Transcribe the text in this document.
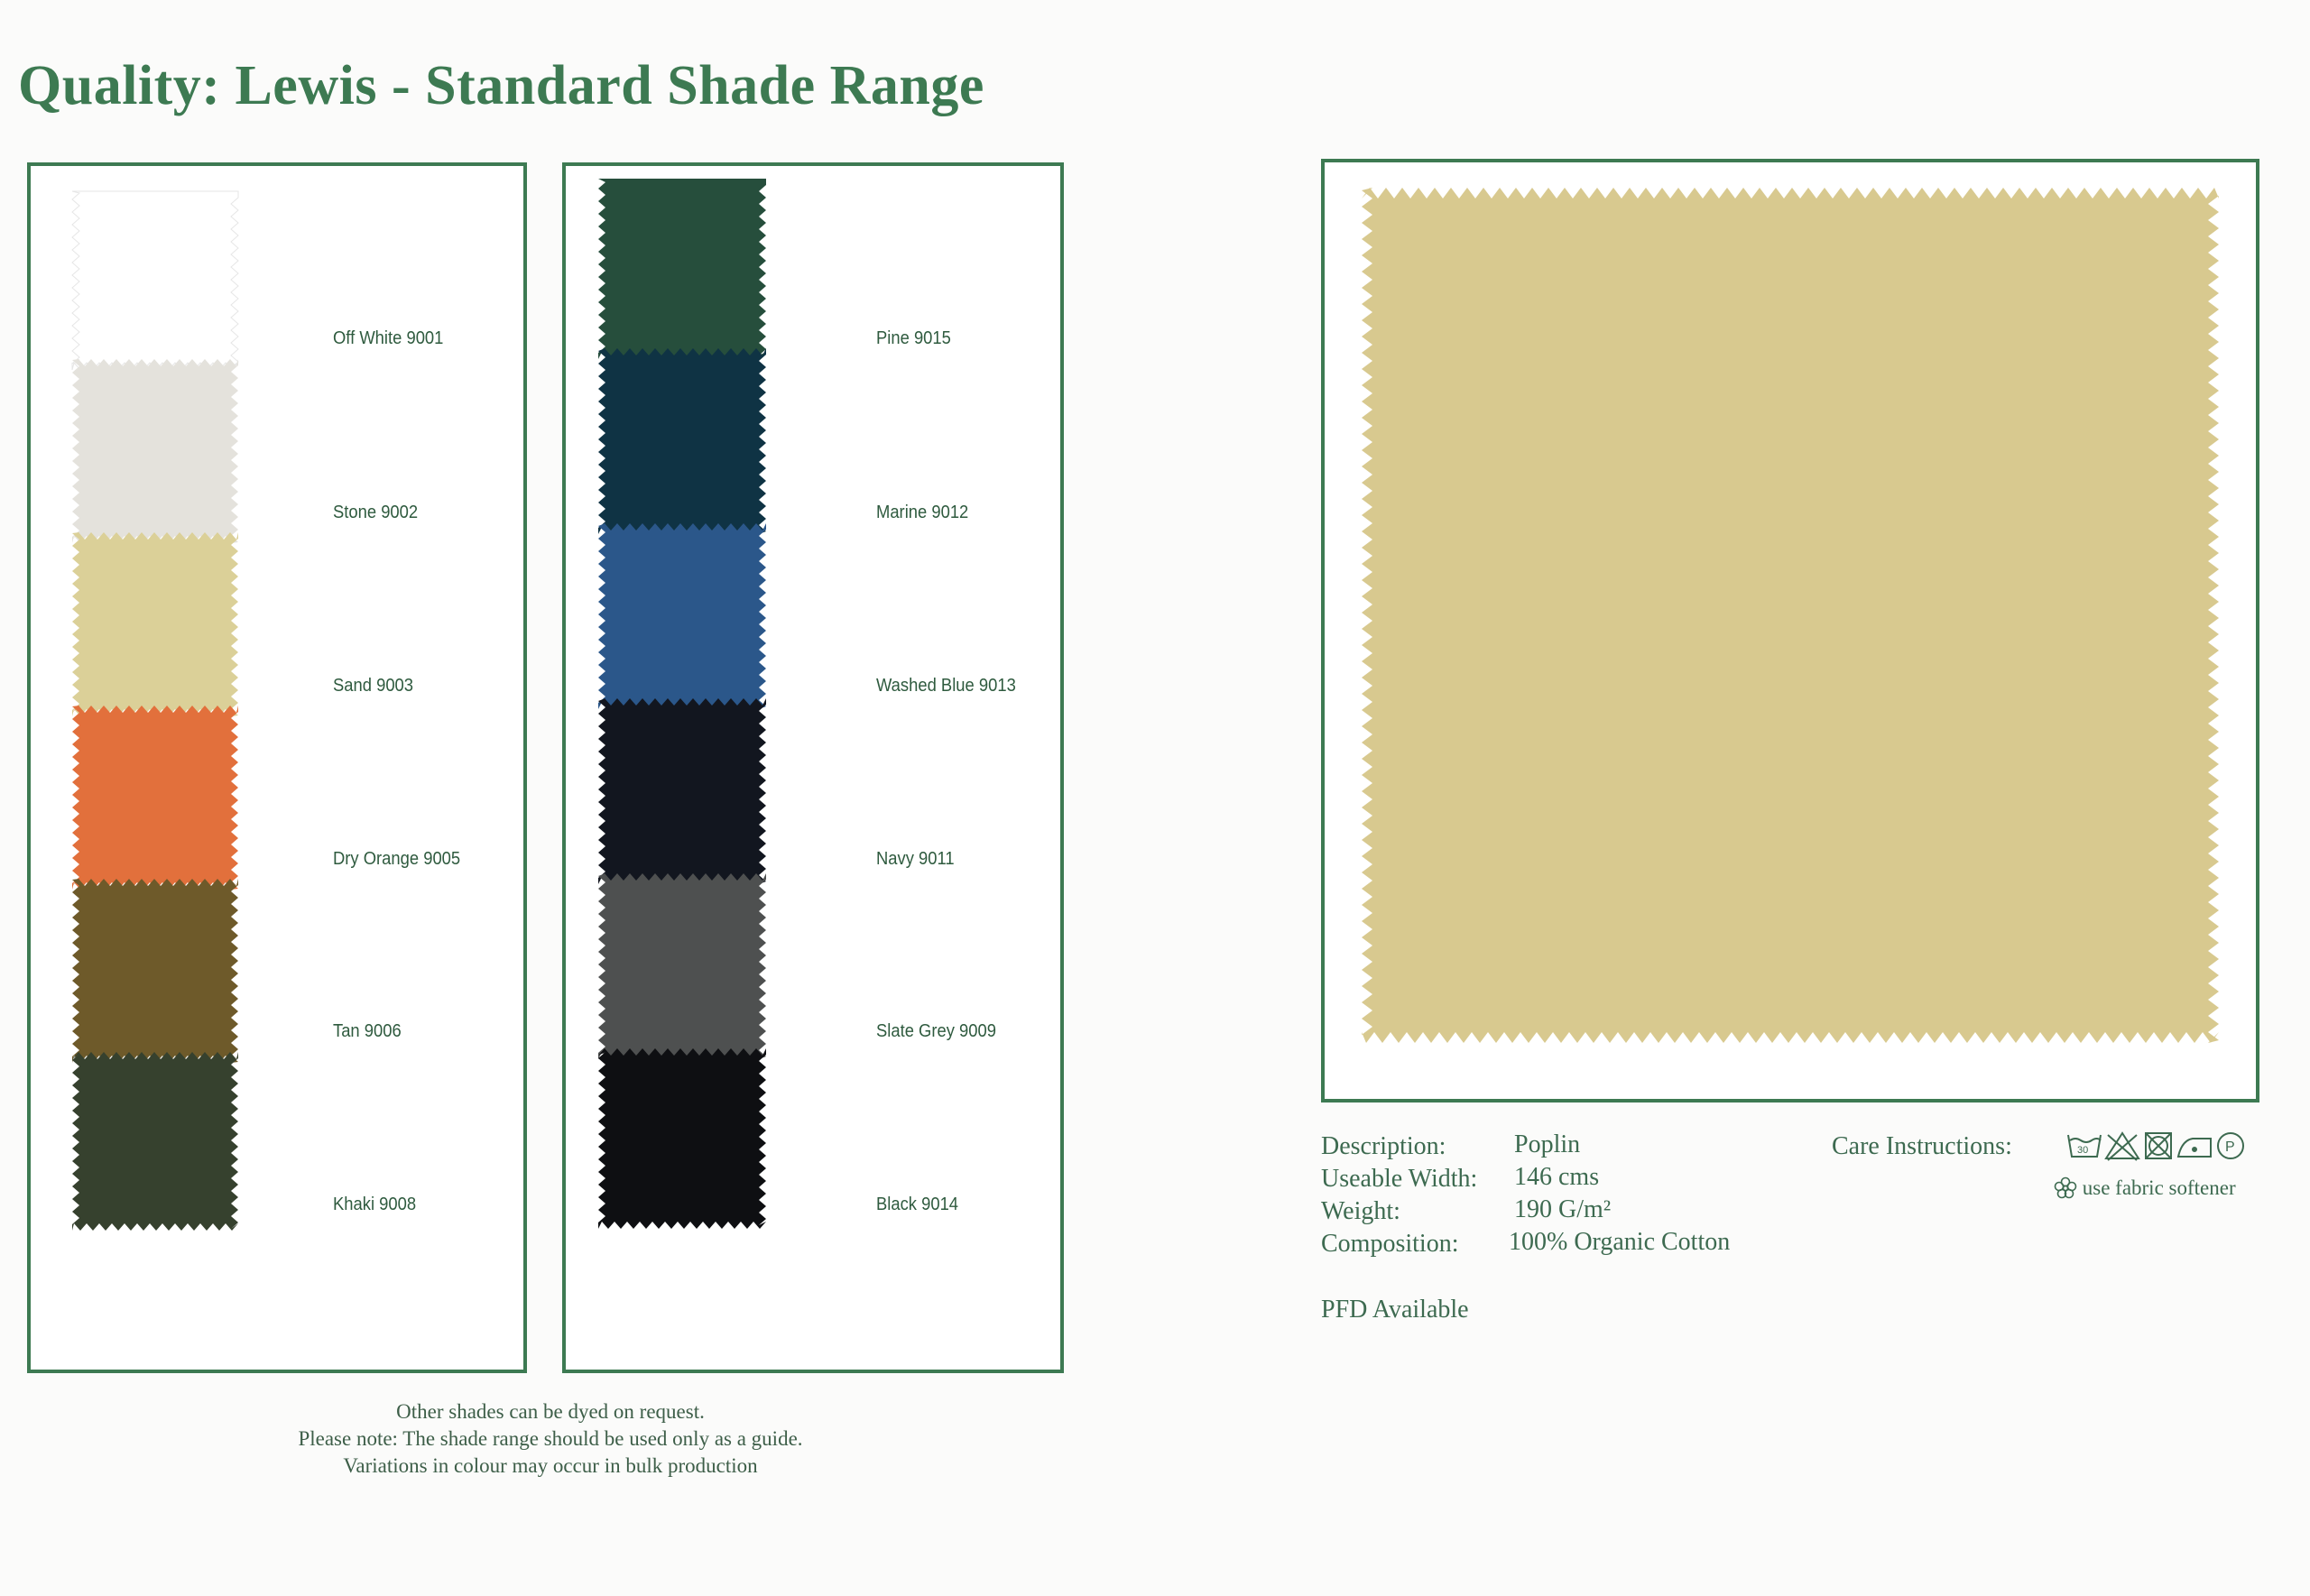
Quality: Lewis - Standard Shade Range
Off White 9001
Stone 9002
Sand 9003
Dry Orange 9005
Tan 9006
Khaki 9008
Pine 9015
Marine 9012
Washed Blue 9013
Navy 9011
Slate Grey 9009
Black 9014
Description:	Poplin
Useable Width: 146 cms
Weight:	190 G/m²
Composition: 100% Organic Cotton
PFD Available
Care Instructions:	30	P
use fabric softener
Other shades can be dyed on request.
Please note: The shade range should be used only as a guide.
Variations in colour may occur in bulk production
